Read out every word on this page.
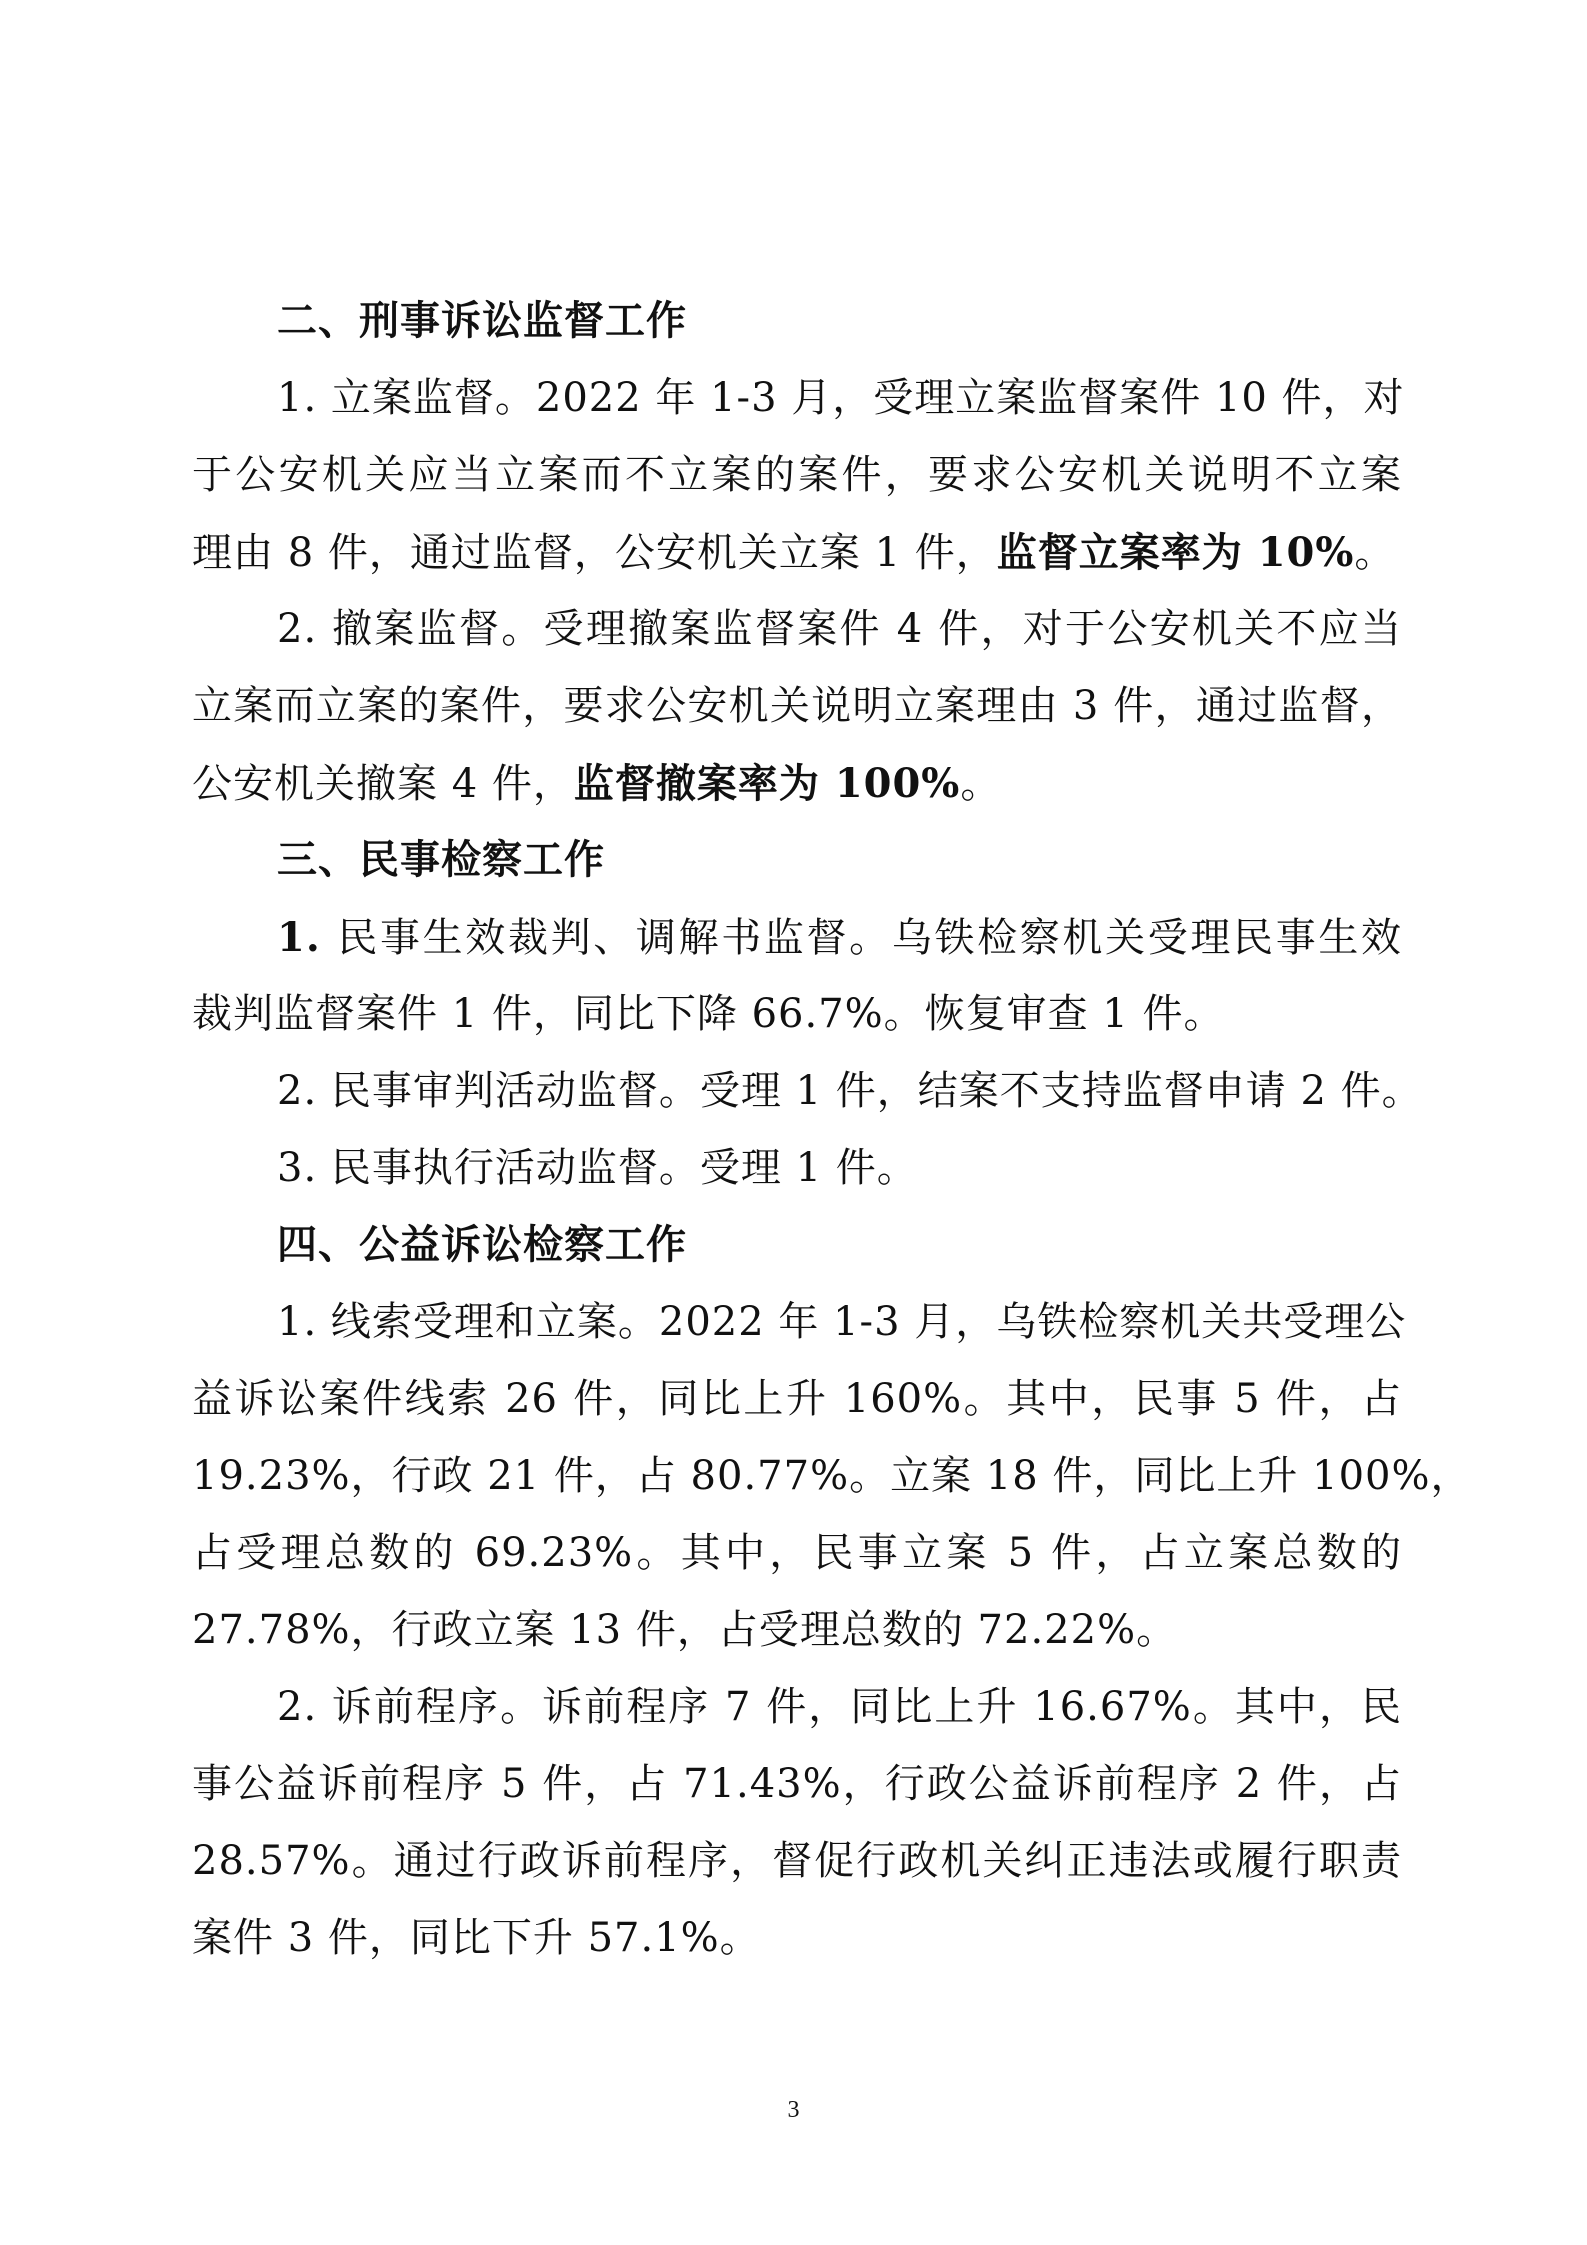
二、刑事诉讼监督工作
1. 立案监督。2022 年 1-3 月，受理立案监督案件 10 件，对
于公安机关应当立案而不立案的案件，要求公安机关说明不立案
理由 8 件，通过监督，公安机关立案 1 件，监督立案率为 10%。
2. 撤案监督。受理撤案监督案件 4 件，对于公安机关不应当
立案而立案的案件，要求公安机关说明立案理由 3 件，通过监督，
公安机关撤案 4 件，监督撤案率为 100%。
三、民事检察工作
1. 民事生效裁判、调解书监督。乌铁检察机关受理民事生效
裁判监督案件 1 件，同比下降 66.7%。恢复审查 1 件。
2. 民事审判活动监督。受理 1 件，结案不支持监督申请 2 件。
3. 民事执行活动监督。受理 1 件。
四、公益诉讼检察工作
1. 线索受理和立案。2022 年 1-3 月，乌铁检察机关共受理公
益诉讼案件线索 26 件，同比上升 160%。其中，民事 5 件，占
19.23%，行政 21 件，占 80.77%。立案 18 件，同比上升 100%，
占受理总数的 69.23%。其中，民事立案 5 件，占立案总数的
27.78%，行政立案 13 件，占受理总数的 72.22%。
2. 诉前程序。诉前程序 7 件，同比上升 16.67%。其中，民
事公益诉前程序 5 件，占 71.43%，行政公益诉前程序 2 件，占
28.57%。通过行政诉前程序，督促行政机关纠正违法或履行职责
案件 3 件，同比下升 57.1%。
3
